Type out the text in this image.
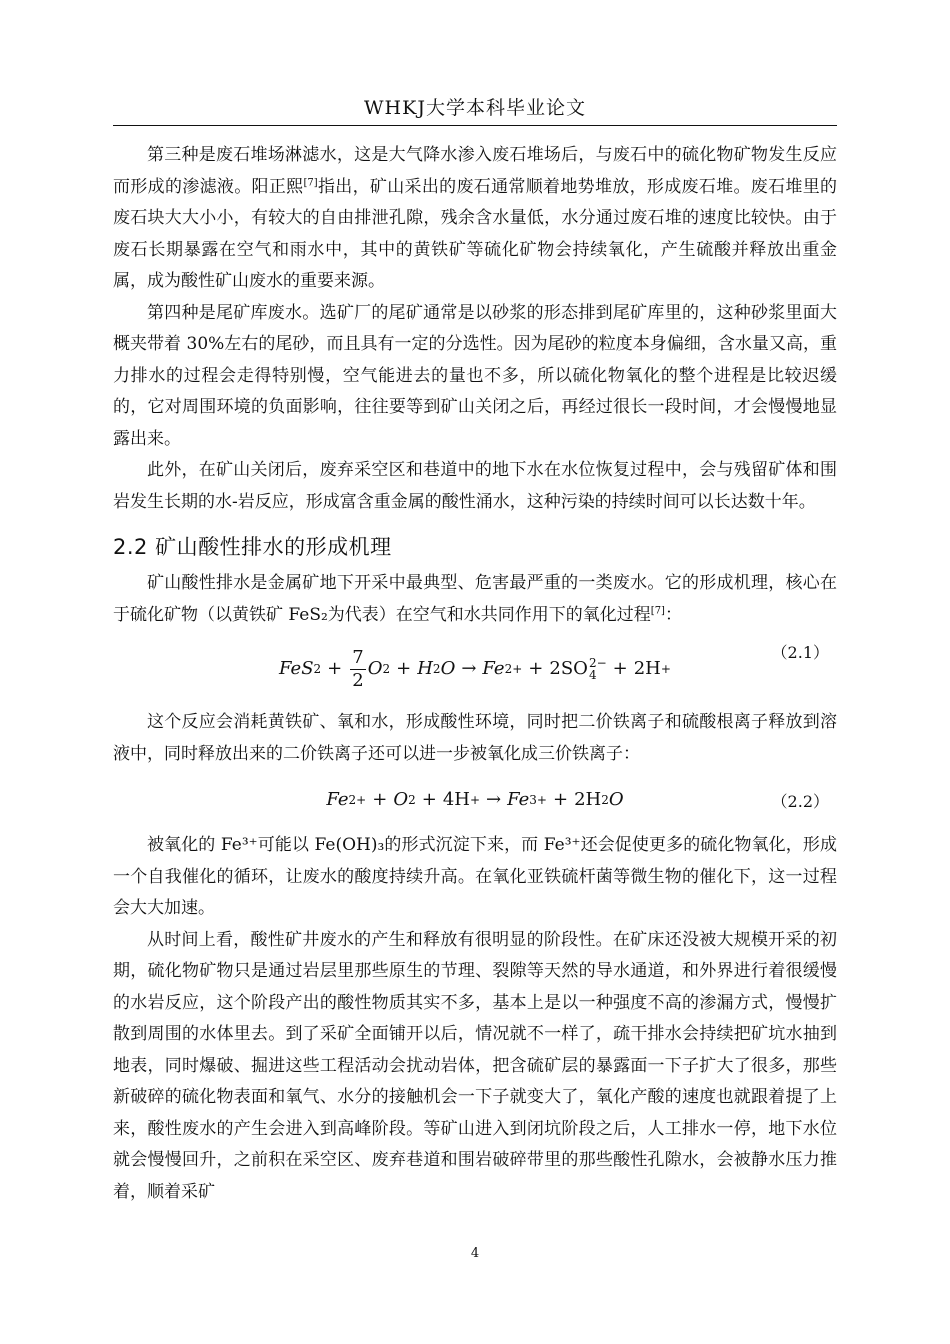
WHKJ大学本科毕业论文

第三种是废石堆场淋滤水，这是大气降水渗入废石堆场后，与废石中的硫化物矿物发生反应而形成的渗滤液。阳正熙[7]指出，矿山采出的废石通常顺着地势堆放，形成废石堆。废石堆里的废石块大大小小，有较大的自由排泄孔隙，残余含水量低，水分通过废石堆的速度比较快。由于废石长期暴露在空气和雨水中，其中的黄铁矿等硫化矿物会持续氧化，产生硫酸并释放出重金属，成为酸性矿山废水的重要来源。

第四种是尾矿库废水。选矿厂的尾矿通常是以砂浆的形态排到尾矿库里的，这种砂浆里面大概夹带着 30%左右的尾砂，而且具有一定的分选性。因为尾砂的粒度本身偏细，含水量又高，重力排水的过程会走得特别慢，空气能进去的量也不多，所以硫化物氧化的整个进程是比较迟缓的，它对周围环境的负面影响，往往要等到矿山关闭之后，再经过很长一段时间，才会慢慢地显露出来。

此外，在矿山关闭后，废弃采空区和巷道中的地下水在水位恢复过程中，会与残留矿体和围岩发生长期的水-岩反应，形成富含重金属的酸性涌水，这种污染的持续时间可以长达数十年。

2.2 矿山酸性排水的形成机理

矿山酸性排水是金属矿地下开采中最典型、危害最严重的一类废水。它的形成机理，核心在于硫化矿物（以黄铁矿 FeS₂为代表）在空气和水共同作用下的氧化过程[7]：

FeS $2 + \frac{7}{2}$ O 2 + H 2 O → Fe 2+ + 2SO 2−
4 + 2H +
（2.1）

这个反应会消耗黄铁矿、氧和水，形成酸性环境，同时把二价铁离子和硫酸根离子释放到溶液中，同时释放出来的二价铁离子还可以进一步被氧化成三价铁离子：

Fe 2+ + O 2 + 4H + → Fe 3+ + 2H 2 O	（2.2）

被氧化的 Fe³⁺可能以 Fe(OH)₃的形式沉淀下来，而 Fe³⁺还会促使更多的硫化物氧化，形成一个自我催化的循环，让废水的酸度持续升高。在氧化亚铁硫杆菌等微生物的催化下，这一过程会大大加速。

从时间上看，酸性矿井废水的产生和释放有很明显的阶段性。在矿床还没被大规模开采的初期，硫化物矿物只是通过岩层里那些原生的节理、裂隙等天然的导水通道，和外界进行着很缓慢的水岩反应，这个阶段产出的酸性物质其实不多，基本上是以一种强度不高的渗漏方式，慢慢扩散到周围的水体里去。到了采矿全面铺开以后，情况就不一样了，疏干排水会持续把矿坑水抽到地表，同时爆破、掘进这些工程活动会扰动岩体，把含硫矿层的暴露面一下子扩大了很多，那些新破碎的硫化物表面和氧气、水分的接触机会一下子就变大了，氧化产酸的速度也就跟着提了上来，酸性废水的产生会进入到高峰阶段。等矿山进入到闭坑阶段之后，人工排水一停，地下水位就会慢慢回升，之前积在采空区、废弃巷道和围岩破碎带里的那些酸性孔隙水，会被静水压力推着，顺着采矿

4
